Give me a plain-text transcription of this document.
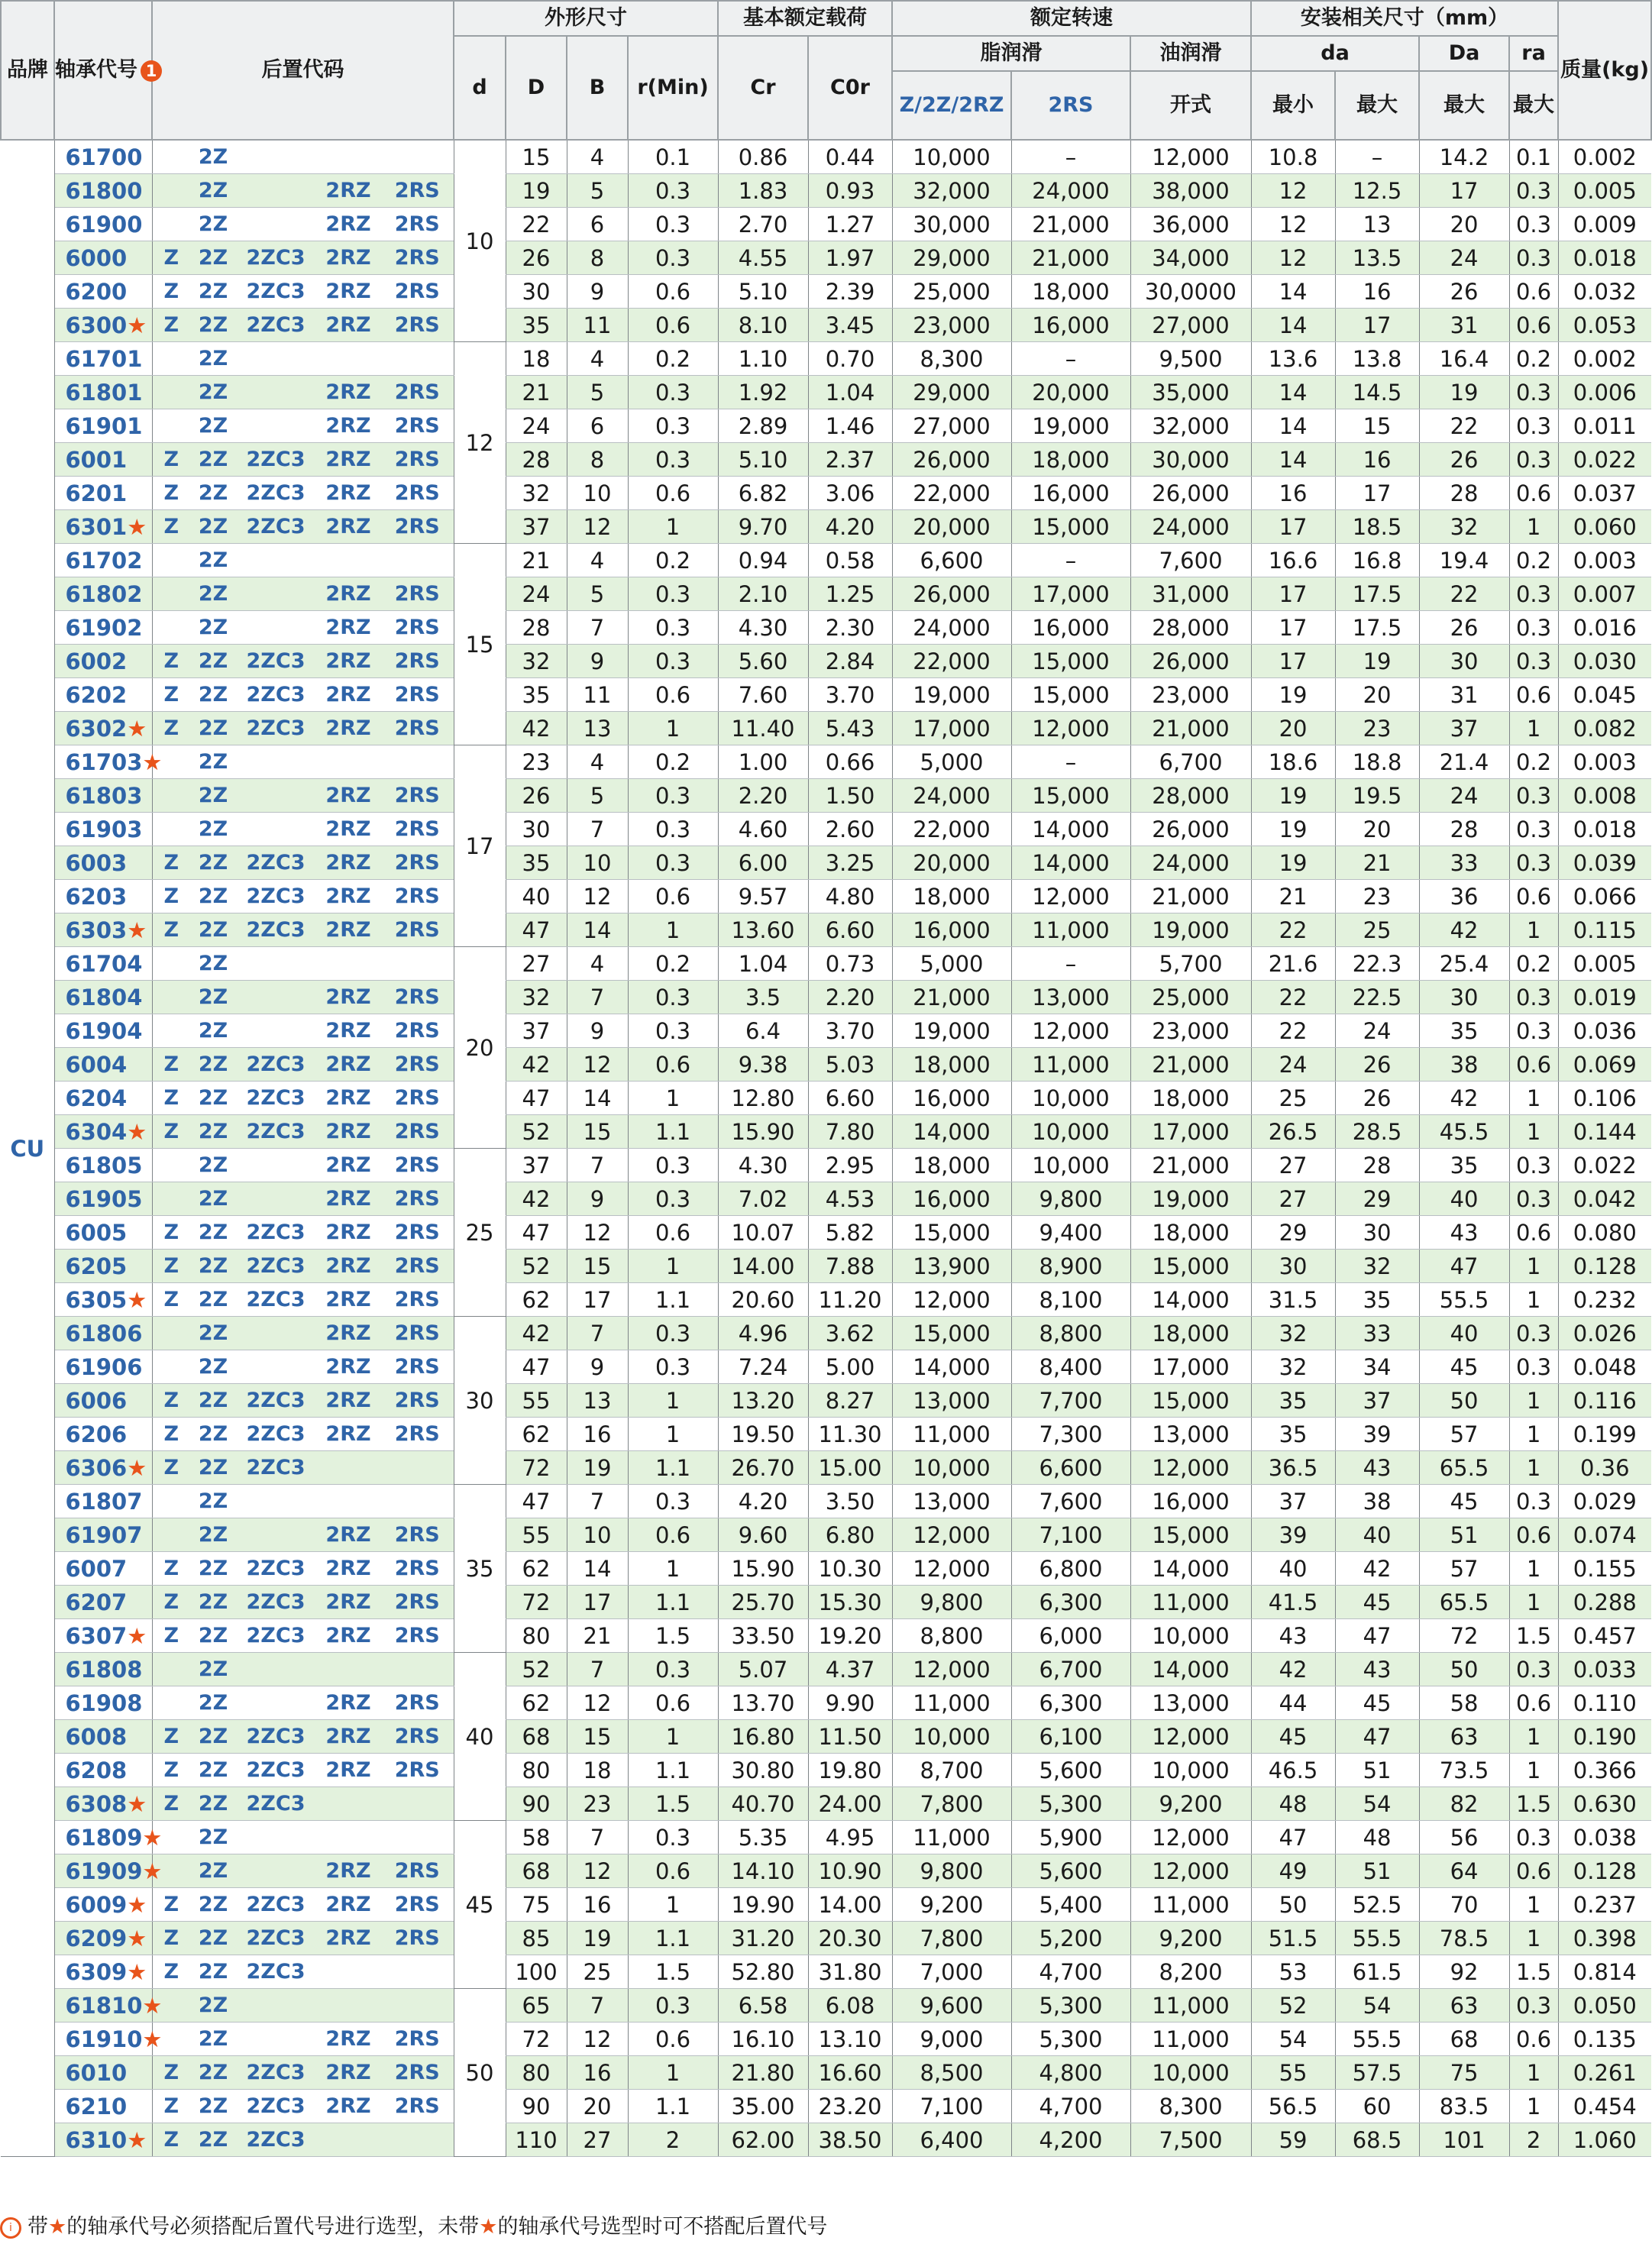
品牌	轴承代号 1	后置代码					外形尺寸				基本额定载荷		额定转速			安装相关尺寸（mm）				质量(kg)
							d	D	B	r(Min)	Cr	C0r	脂润滑		油润滑	da		Da	ra	
													Z/2Z/2RZ	2RS	开式	最小	最大	最大	最大	
CU	61700		2Z				10	15	4	0.1	0.86	0.44	10,000	–	12,000	10.8	–	14.2	0.1	0.002
	61800		2Z		2RZ	2RS		19	5	0.3	1.83	0.93	32,000	24,000	38,000	12	12.5	17	0.3	0.005
	61900		2Z		2RZ	2RS		22	6	0.3	2.70	1.27	30,000	21,000	36,000	12	13	20	0.3	0.009
	6000	Z	2Z	2ZC3	2RZ	2RS		26	8	0.3	4.55	1.97	29,000	21,000	34,000	12	13.5	24	0.3	0.018
	6200	Z	2Z	2ZC3	2RZ	2RS		30	9	0.6	5.10	2.39	25,000	18,000	30,0000	14	16	26	0.6	0.032
	6300★	Z	2Z	2ZC3	2RZ	2RS		35	11	0.6	8.10	3.45	23,000	16,000	27,000	14	17	31	0.6	0.053
	61701		2Z				12	18	4	0.2	1.10	0.70	8,300	–	9,500	13.6	13.8	16.4	0.2	0.002
	61801		2Z		2RZ	2RS		21	5	0.3	1.92	1.04	29,000	20,000	35,000	14	14.5	19	0.3	0.006
	61901		2Z		2RZ	2RS		24	6	0.3	2.89	1.46	27,000	19,000	32,000	14	15	22	0.3	0.011
	6001	Z	2Z	2ZC3	2RZ	2RS		28	8	0.3	5.10	2.37	26,000	18,000	30,000	14	16	26	0.3	0.022
	6201	Z	2Z	2ZC3	2RZ	2RS		32	10	0.6	6.82	3.06	22,000	16,000	26,000	16	17	28	0.6	0.037
	6301★	Z	2Z	2ZC3	2RZ	2RS		37	12	1	9.70	4.20	20,000	15,000	24,000	17	18.5	32	1	0.060
	61702		2Z				15	21	4	0.2	0.94	0.58	6,600	–	7,600	16.6	16.8	19.4	0.2	0.003
	61802		2Z		2RZ	2RS		24	5	0.3	2.10	1.25	26,000	17,000	31,000	17	17.5	22	0.3	0.007
	61902		2Z		2RZ	2RS		28	7	0.3	4.30	2.30	24,000	16,000	28,000	17	17.5	26	0.3	0.016
	6002	Z	2Z	2ZC3	2RZ	2RS		32	9	0.3	5.60	2.84	22,000	15,000	26,000	17	19	30	0.3	0.030
	6202	Z	2Z	2ZC3	2RZ	2RS		35	11	0.6	7.60	3.70	19,000	15,000	23,000	19	20	31	0.6	0.045
	6302★	Z	2Z	2ZC3	2RZ	2RS		42	13	1	11.40	5.43	17,000	12,000	21,000	20	23	37	1	0.082
	61703★		2Z				17	23	4	0.2	1.00	0.66	5,000	–	6,700	18.6	18.8	21.4	0.2	0.003
	61803		2Z		2RZ	2RS		26	5	0.3	2.20	1.50	24,000	15,000	28,000	19	19.5	24	0.3	0.008
	61903		2Z		2RZ	2RS		30	7	0.3	4.60	2.60	22,000	14,000	26,000	19	20	28	0.3	0.018
	6003	Z	2Z	2ZC3	2RZ	2RS		35	10	0.3	6.00	3.25	20,000	14,000	24,000	19	21	33	0.3	0.039
	6203	Z	2Z	2ZC3	2RZ	2RS		40	12	0.6	9.57	4.80	18,000	12,000	21,000	21	23	36	0.6	0.066
	6303★	Z	2Z	2ZC3	2RZ	2RS		47	14	1	13.60	6.60	16,000	11,000	19,000	22	25	42	1	0.115
	61704		2Z				20	27	4	0.2	1.04	0.73	5,000	–	5,700	21.6	22.3	25.4	0.2	0.005
	61804		2Z		2RZ	2RS		32	7	0.3	3.5	2.20	21,000	13,000	25,000	22	22.5	30	0.3	0.019
	61904		2Z		2RZ	2RS		37	9	0.3	6.4	3.70	19,000	12,000	23,000	22	24	35	0.3	0.036
	6004	Z	2Z	2ZC3	2RZ	2RS		42	12	0.6	9.38	5.03	18,000	11,000	21,000	24	26	38	0.6	0.069
	6204	Z	2Z	2ZC3	2RZ	2RS		47	14	1	12.80	6.60	16,000	10,000	18,000	25	26	42	1	0.106
	6304★	Z	2Z	2ZC3	2RZ	2RS		52	15	1.1	15.90	7.80	14,000	10,000	17,000	26.5	28.5	45.5	1	0.144
	61805		2Z		2RZ	2RS	25	37	7	0.3	4.30	2.95	18,000	10,000	21,000	27	28	35	0.3	0.022
	61905		2Z		2RZ	2RS		42	9	0.3	7.02	4.53	16,000	9,800	19,000	27	29	40	0.3	0.042
	6005	Z	2Z	2ZC3	2RZ	2RS		47	12	0.6	10.07	5.82	15,000	9,400	18,000	29	30	43	0.6	0.080
	6205	Z	2Z	2ZC3	2RZ	2RS		52	15	1	14.00	7.88	13,900	8,900	15,000	30	32	47	1	0.128
	6305★	Z	2Z	2ZC3	2RZ	2RS		62	17	1.1	20.60	11.20	12,000	8,100	14,000	31.5	35	55.5	1	0.232
	61806		2Z		2RZ	2RS	30	42	7	0.3	4.96	3.62	15,000	8,800	18,000	32	33	40	0.3	0.026
	61906		2Z		2RZ	2RS		47	9	0.3	7.24	5.00	14,000	8,400	17,000	32	34	45	0.3	0.048
	6006	Z	2Z	2ZC3	2RZ	2RS		55	13	1	13.20	8.27	13,000	7,700	15,000	35	37	50	1	0.116
	6206	Z	2Z	2ZC3	2RZ	2RS		62	16	1	19.50	11.30	11,000	7,300	13,000	35	39	57	1	0.199
	6306★	Z	2Z	2ZC3				72	19	1.1	26.70	15.00	10,000	6,600	12,000	36.5	43	65.5	1	0.36
	61807		2Z				35	47	7	0.3	4.20	3.50	13,000	7,600	16,000	37	38	45	0.3	0.029
	61907		2Z		2RZ	2RS		55	10	0.6	9.60	6.80	12,000	7,100	15,000	39	40	51	0.6	0.074
	6007	Z	2Z	2ZC3	2RZ	2RS		62	14	1	15.90	10.30	12,000	6,800	14,000	40	42	57	1	0.155
	6207	Z	2Z	2ZC3	2RZ	2RS		72	17	1.1	25.70	15.30	9,800	6,300	11,000	41.5	45	65.5	1	0.288
	6307★	Z	2Z	2ZC3	2RZ	2RS		80	21	1.5	33.50	19.20	8,800	6,000	10,000	43	47	72	1.5	0.457
	61808		2Z				40	52	7	0.3	5.07	4.37	12,000	6,700	14,000	42	43	50	0.3	0.033
	61908		2Z		2RZ	2RS		62	12	0.6	13.70	9.90	11,000	6,300	13,000	44	45	58	0.6	0.110
	6008	Z	2Z	2ZC3	2RZ	2RS		68	15	1	16.80	11.50	10,000	6,100	12,000	45	47	63	1	0.190
	6208	Z	2Z	2ZC3	2RZ	2RS		80	18	1.1	30.80	19.80	8,700	5,600	10,000	46.5	51	73.5	1	0.366
	6308★	Z	2Z	2ZC3				90	23	1.5	40.70	24.00	7,800	5,300	9,200	48	54	82	1.5	0.630
	61809★		2Z				45	58	7	0.3	5.35	4.95	11,000	5,900	12,000	47	48	56	0.3	0.038
	61909★		2Z		2RZ	2RS		68	12	0.6	14.10	10.90	9,800	5,600	12,000	49	51	64	0.6	0.128
	6009★	Z	2Z	2ZC3	2RZ	2RS		75	16	1	19.90	14.00	9,200	5,400	11,000	50	52.5	70	1	0.237
	6209★	Z	2Z	2ZC3	2RZ	2RS		85	19	1.1	31.20	20.30	7,800	5,200	9,200	51.5	55.5	78.5	1	0.398
	6309★	Z	2Z	2ZC3				100	25	1.5	52.80	31.80	7,000	4,700	8,200	53	61.5	92	1.5	0.814
	61810★		2Z				50	65	7	0.3	6.58	6.08	9,600	5,300	11,000	52	54	63	0.3	0.050
	61910★		2Z		2RZ	2RS		72	12	0.6	16.10	13.10	9,000	5,300	11,000	54	55.5	68	0.6	0.135
	6010	Z	2Z	2ZC3	2RZ	2RS		80	16	1	21.80	16.60	8,500	4,800	10,000	55	57.5	75	1	0.261
	6210	Z	2Z	2ZC3	2RZ	2RS		90	20	1.1	35.00	23.20	7,100	4,700	8,300	56.5	60	83.5	1	0.454
	6310★	Z	2Z	2ZC3				110	27	2	62.00	38.50	6,400	4,200	7,500	59	68.5	101	2	1.060
i 带★的轴承代号必须搭配后置代号进行选型，未带★的轴承代号选型时可不搭配后置代号
